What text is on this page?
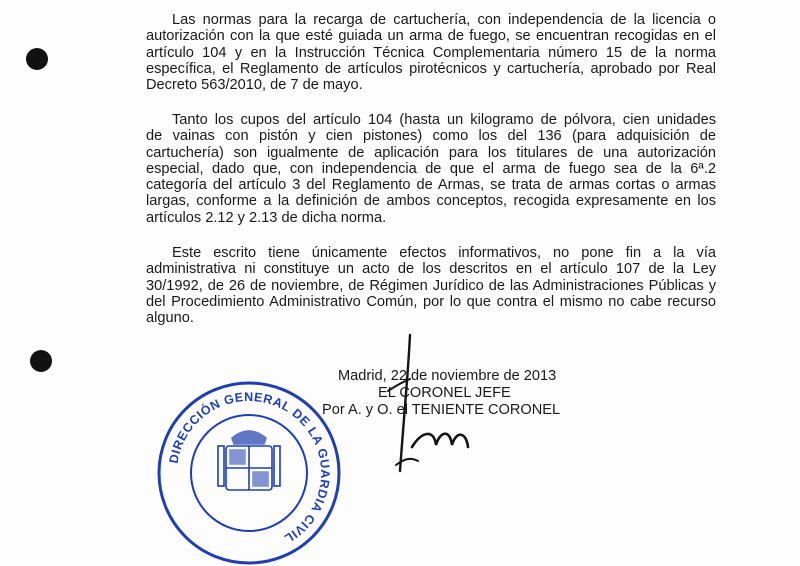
Las normas para la recarga de cartuchería, con independencia de la licencia o
autorización con la que esté guiada un arma de fuego, se encuentran recogidas en el
artículo 104 y en la Instrucción Técnica Complementaria número 15 de la norma
específica, el Reglamento de artículos pirotécnicos y cartuchería, aprobado por Real
Decreto 563/2010, de 7 de mayo.

Tanto los cupos del artículo 104 (hasta un kilogramo de pólvora, cien unidades
de vainas con pistón y cien pistones) como los del 136 (para adquisición de
cartuchería) son igualmente de aplicación para los titulares de una autorización
especial, dado que, con independencia de que el arma de fuego sea de la 6ª.2
categoría del artículo 3 del Reglamento de Armas, se trata de armas cortas o armas
largas, conforme a la definición de ambos conceptos, recogida expresamente en los
artículos 2.12 y 2.13 de dicha norma.

Este escrito tiene únicamente efectos informativos, no pone fin a la vía
administrativa ni constituye un acto de los descritos en el artículo 107 de la Ley
30/1992, de 26 de noviembre, de Régimen Jurídico de las Administraciones Públicas y
del Procedimiento Administrativo Común, por lo que contra el mismo no cabe recurso
alguno.

DIRECCIÓN GENERAL DE LA GUARDIA CIVIL
Madrid, 22 de noviembre de 2013
EL CORONEL JEFE
Por A. y O. el TENIENTE CORONEL
